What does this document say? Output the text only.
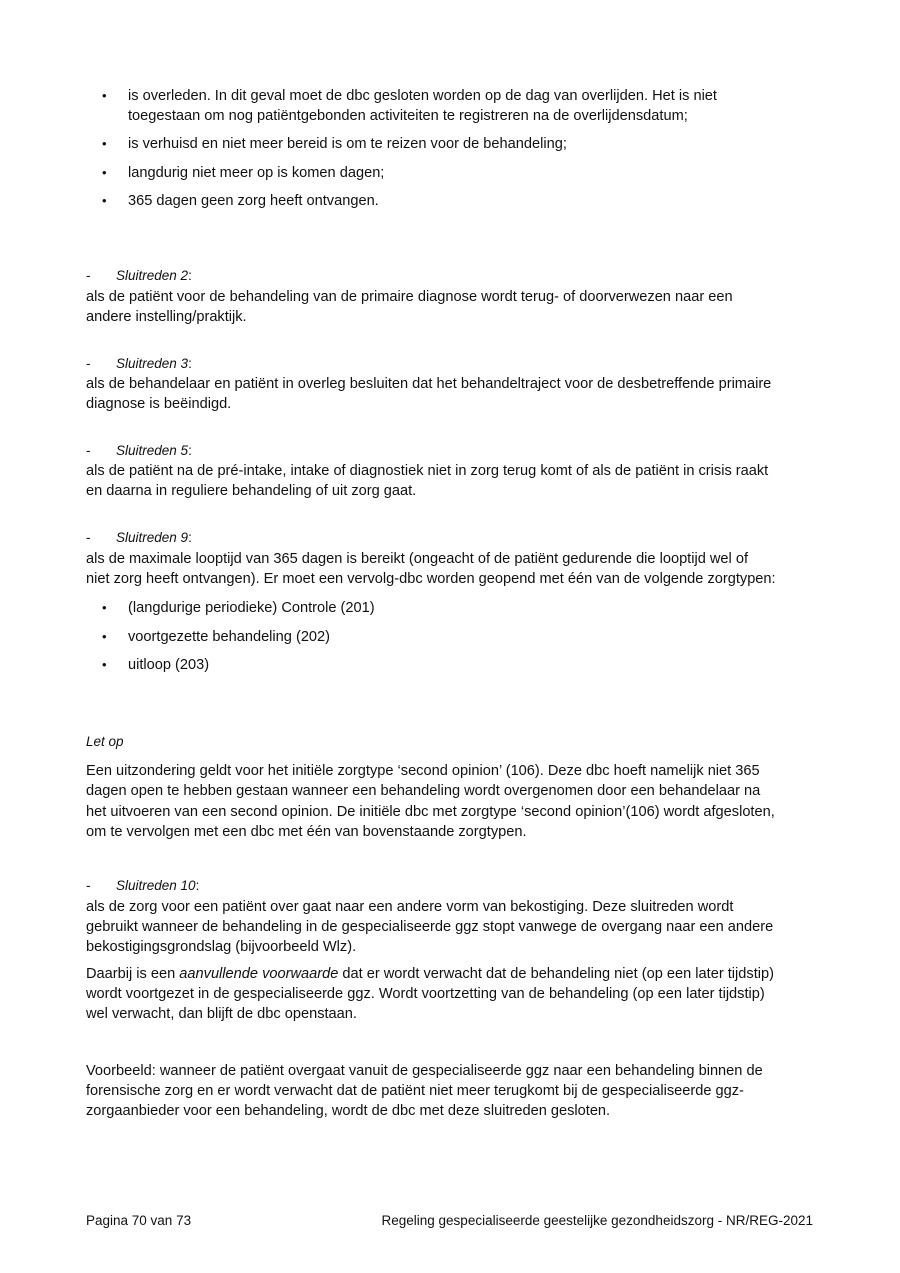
• is overleden. In dit geval moet de dbc gesloten worden op de dag van overlijden. Het is niet
toegestaan om nog patiëntgebonden activiteiten te registreren na de overlijdensdatum;
• is verhuisd en niet meer bereid is om te reizen voor de behandeling;
• langdurig niet meer op is komen dagen;
• 365 dagen geen zorg heeft ontvangen.
- Sluitreden 2:
als de patiënt voor de behandeling van de primaire diagnose wordt terug- of doorverwezen naar een
andere instelling/praktijk.
- Sluitreden 3:
als de behandelaar en patiënt in overleg besluiten dat het behandeltraject voor de desbetreffende primaire
diagnose is beëindigd.
- Sluitreden 5:
als de patiënt na de pré-intake, intake of diagnostiek niet in zorg terug komt of als de patiënt in crisis raakt
en daarna in reguliere behandeling of uit zorg gaat.
- Sluitreden 9:
als de maximale looptijd van 365 dagen is bereikt (ongeacht of de patiënt gedurende die looptijd wel of
niet zorg heeft ontvangen). Er moet een vervolg-dbc worden geopend met één van de volgende zorgtypen:
• (langdurige periodieke) Controle (201)
• voortgezette behandeling (202)
• uitloop (203)
Let op
Een uitzondering geldt voor het initiële zorgtype ‘second opinion’ (106). Deze dbc hoeft namelijk niet 365
dagen open te hebben gestaan wanneer een behandeling wordt overgenomen door een behandelaar na
het uitvoeren van een second opinion. De initiële dbc met zorgtype ‘second opinion’(106) wordt afgesloten,
om te vervolgen met een dbc met één van bovenstaande zorgtypen.
- Sluitreden 10:
als de zorg voor een patiënt over gaat naar een andere vorm van bekostiging. Deze sluitreden wordt
gebruikt wanneer de behandeling in de gespecialiseerde ggz stopt vanwege de overgang naar een andere
bekostigingsgrondslag (bijvoorbeeld Wlz).
Daarbij is een aanvullende voorwaarde dat er wordt verwacht dat de behandeling niet (op een later tijdstip)
wordt voortgezet in de gespecialiseerde ggz. Wordt voortzetting van de behandeling (op een later tijdstip)
wel verwacht, dan blijft de dbc openstaan.
Voorbeeld: wanneer de patiënt overgaat vanuit de gespecialiseerde ggz naar een behandeling binnen de
forensische zorg en er wordt verwacht dat de patiënt niet meer terugkomt bij de gespecialiseerde ggz-
zorgaanbieder voor een behandeling, wordt de dbc met deze sluitreden gesloten.
Pagina 70 van 73	Regeling gespecialiseerde geestelijke gezondheidszorg - NR/REG-2021
